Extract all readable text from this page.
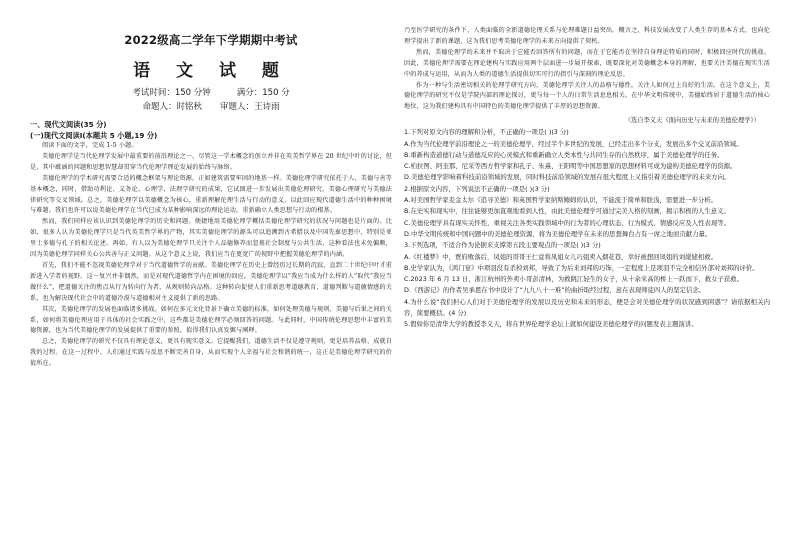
2022级高二学年下学期期中考试
语 文 试 题
考试时间：150 分钟	满分：150 分
命题人：时铭秋 审题人：王诗雨
一、现代文阅读(35 分)
(一)现代文阅读Ⅰ(本题共 5 小题,19 分)
阅读下面的文字，完成 1-5 小题。
美德伦理学是当代伦理学发展中最重要的前沿理论之一。尽管这一学术概念的创立并非在英美哲学界在 20 世纪中叶的讨论，但是，其中蕴涵的问题和思想智慧却贯穿当代伦理学理论发展的始终与脉络。
美德伦理学的学术研究需要合适的概念框架与理论资源，正如建筑需要牢固的地基一样。美德伦理学研究依托于人、美德与善等基本概念，同时，借助功利论、义务论、心理学、法理学研究的成果，它试图进一步发展出美德伦理研究、美德心理研究与美德法律研究等交叉领域。总之，美德伦理学以美德概念为核心，重新理解伦理生活与行动的意义，以此回应现代道德生活中的种种困境与难题。我们也许可以说美德伦理学在当代已成为某种影响深远的理论运动，重新确立人类思想与行动的根基。
然而，我们同样应该认识到美德伦理学的历史和问题。便捷地用美德伦理学概括美德伦理学研究的状况与问题也是片面的。比如，很多人认为美德伦理学只是当代英美哲学界的产物，其实美德伦理学的源头可以追溯到古希腊以及中国先秦思想中，特别是亚里士多德与孔子的相关论述。再如，有人以为美德伦理学只关注个人品德修养而忽视社会制度与公共生活，这种看法也未免偏颇，因为美德伦理学同样关心公共善与正义问题。从这个意义上说，我们应当在更宽广的视野中把握美德伦理学的内涵。
首先，我们不能不忽视美德伦理学对于当代道德哲学的贡献。美德伦理学在历史上曾经历过长期的沉寂，直到二十世纪中叶才重新进入学者的视野。这一复兴并非偶然，而是对现代道德哲学内在困境的回应。美德伦理学以“我应当成为什么样的人”取代“我应当做什么”，把道德关注的焦点从行为转向行为者，从规则转向品格。这种转向促使人们重新思考道德教育、道德判断与道德情感的关系，也为解决现代社会中的道德冷漠与道德相对主义提供了新的思路。
其次，美德伦理学的发展也面临诸多挑战。如何在多元文化背景下确立美德的标准，如何处理美德与规则、美德与后果之间的关系，如何将美德伦理应用于具体的社会实践之中，这些都是美德伦理学必须回答的问题。与此同时，中国传统伦理思想中丰富的美德资源，也为当代美德伦理学的发展提供了重要的参照，值得我们认真发掘与阐释。
总之，美德伦理学的研究不仅具有理论意义，更具有现实意义。它提醒我们，道德生活不仅是遵守规则，更是培养品格、成就自我的过程。在这一过程中，人们通过实践与反思不断完善自身，从而实现个人幸福与社会和谐的统一，这正是美德伦理学研究的价值所在。
乃至医学研究的条件下，人类面临的全新道德伦理关系与伦理难题日益突出。概言之，科技发展改变了人类生存的基本方式，也向伦理学提出了新的课题，这为我们思考美德伦理学的未来方向提供了契机。
然而，美德伦理学的未来并不取决于它能否回答所有的问题，而在于它能否在坚持自身理论特质的同时，积极回应时代的挑战。因此，美德伦理学需要在理论建构与实践应用两个层面进一步展开探索，既要深化对美德概念本身的理解，也要关注美德在现实生活中的养成与运用，从而为人类的道德生活提供切实可行的指引与深刻的理论反思。
作为一种与生活密切相关的伦理学研究方向，美德伦理学关注人的品格与德性，关注人如何过上良好的生活。在这个意义上，美德伦理学的研究不仅是学院内部的理论探讨，更与每一个人的日常生活息息相关。在中华文明传统中，美德始终居于道德生活的核心地位，这为我们建构具有中国特色的美德伦理学提供了丰厚的思想资源。
（选自李义天《面向历史与未来的美德伦理学》）
1.下列对原文内容的理解和分析，不正确的一项是( )(3 分)
A.作为当代伦理学前沿理论之一的美德伦理学，经过半个多世纪的发展，已经走出多个分支，发展出多个交叉前沿领域。
B.重新构造道德行动与道德反应的心灵模式和重新确立人类本性与共同生存的自然秩序，属于美德伦理学的任务。
C.柏拉图、阿奎那、尼采等西方哲学家和孔子、朱熹、王阳明等中国思想家的思想材料可成为建构美德伦理学的资源。
D.美德伦理学影响着科技前沿领域的发展，同时科技前沿领域的发展在很大程度上又指引着美德伦理学的未来方向。
2.根据原文内容，下列说法不正确的一项是( )(3 分)
A.对美国哲学家麦金太尔《追寻美德》和英国哲学家纳斯鲍姆的认识，不能流于简单和肤浅，需要进一步分析。
B.在史实和现实中，往往能够更加直观地看到人性，由此美德伦理学可通过完美人格的刻画，揭示积极的人生意义。
C.美德伦理学具有现实关怀性，重视关注各类实践领域中的行为者的心理状态、行为模式、情感反应及人性表现等。
D.中华文明传统和中国问题中的美德伦理资源，将为美德伦理学在未来的思想舞台占有一席之地而贡献力量。
3.下列选项，不适合作为论据来支撑第五段主要观点的一项是( )(3 分)
A.《红楼梦》中，贾府败落后，凤姐的哥哥王仁竟将凤姐女儿巧姐卖入烟花巷，幸好被想回凤姐的刘姥姥相救。
B.史学家认为，《鸿门宴》中项羽没有杀掉刘邦，导致了为后来刘邦的巧饰，一定程度上是项羽不完全相信外部对刘邦的评价。
C.2023 年 6 月 13 日，浙江杭州的外卖小哥彭清林，为救跳江轻生的女子，从十余米高的桥上一跃而下，救女子获救。
D.《西游记》的作者吴承恩在书中设计了“九九八十一难”的曲折取经过程，意在表现师徒四人的坚定信念。
4.为什么说“我们担心人们对于美德伦理学的发展以及历史和未来的形态，便是会对美德伦理学的状况感到困惑”？请依据相关内容，简要概括。(4 分)
5.假如你是清华大学的教授李义天，将在世界伦理学论坛上就如何建设美德伦理学的问题发表主题演讲。
